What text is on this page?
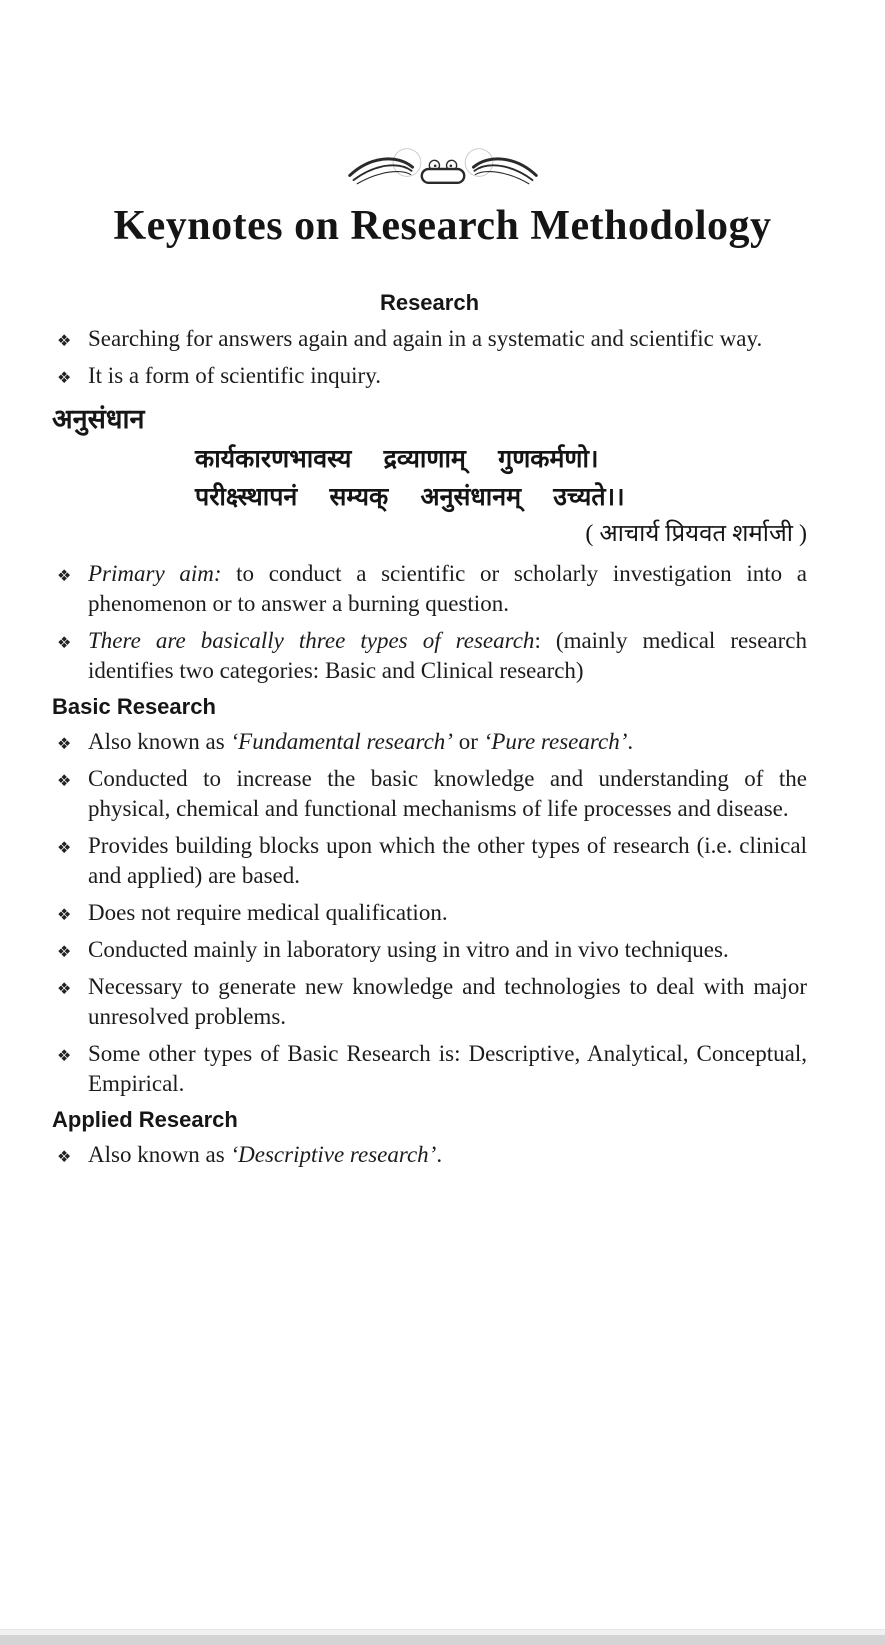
Keynotes on Research Methodology
Research
❖ Searching for answers again and again in a systematic and scientific way.
❖ It is a form of scientific inquiry.
अनुसंधान
कार्यकारणभावस्य द्रव्याणाम् गुणकर्मणो।
परीक्ष्स्थापनं सम्यक् अनुसंधानम् उच्यते।।
( आचार्य प्रियवत शर्माजी )
❖ Primary aim: to conduct a scientific or scholarly investigation into a phenomenon or to answer a burning question.
❖ There are basically three types of research: (mainly medical research identifies two categories: Basic and Clinical research)
Basic Research
❖ Also known as ‘Fundamental research’ or ‘Pure research’.
❖ Conducted to increase the basic knowledge and understanding of the physical, chemical and functional mechanisms of life processes and disease.
❖ Provides building blocks upon which the other types of research (i.e. clinical and applied) are based.
❖ Does not require medical qualification.
❖ Conducted mainly in laboratory using in vitro and in vivo techniques.
❖ Necessary to generate new knowledge and technologies to deal with major unresolved problems.
❖ Some other types of Basic Research is: Descriptive, Analytical, Conceptual, Empirical.
Applied Research
❖ Also known as ‘Descriptive research’.
